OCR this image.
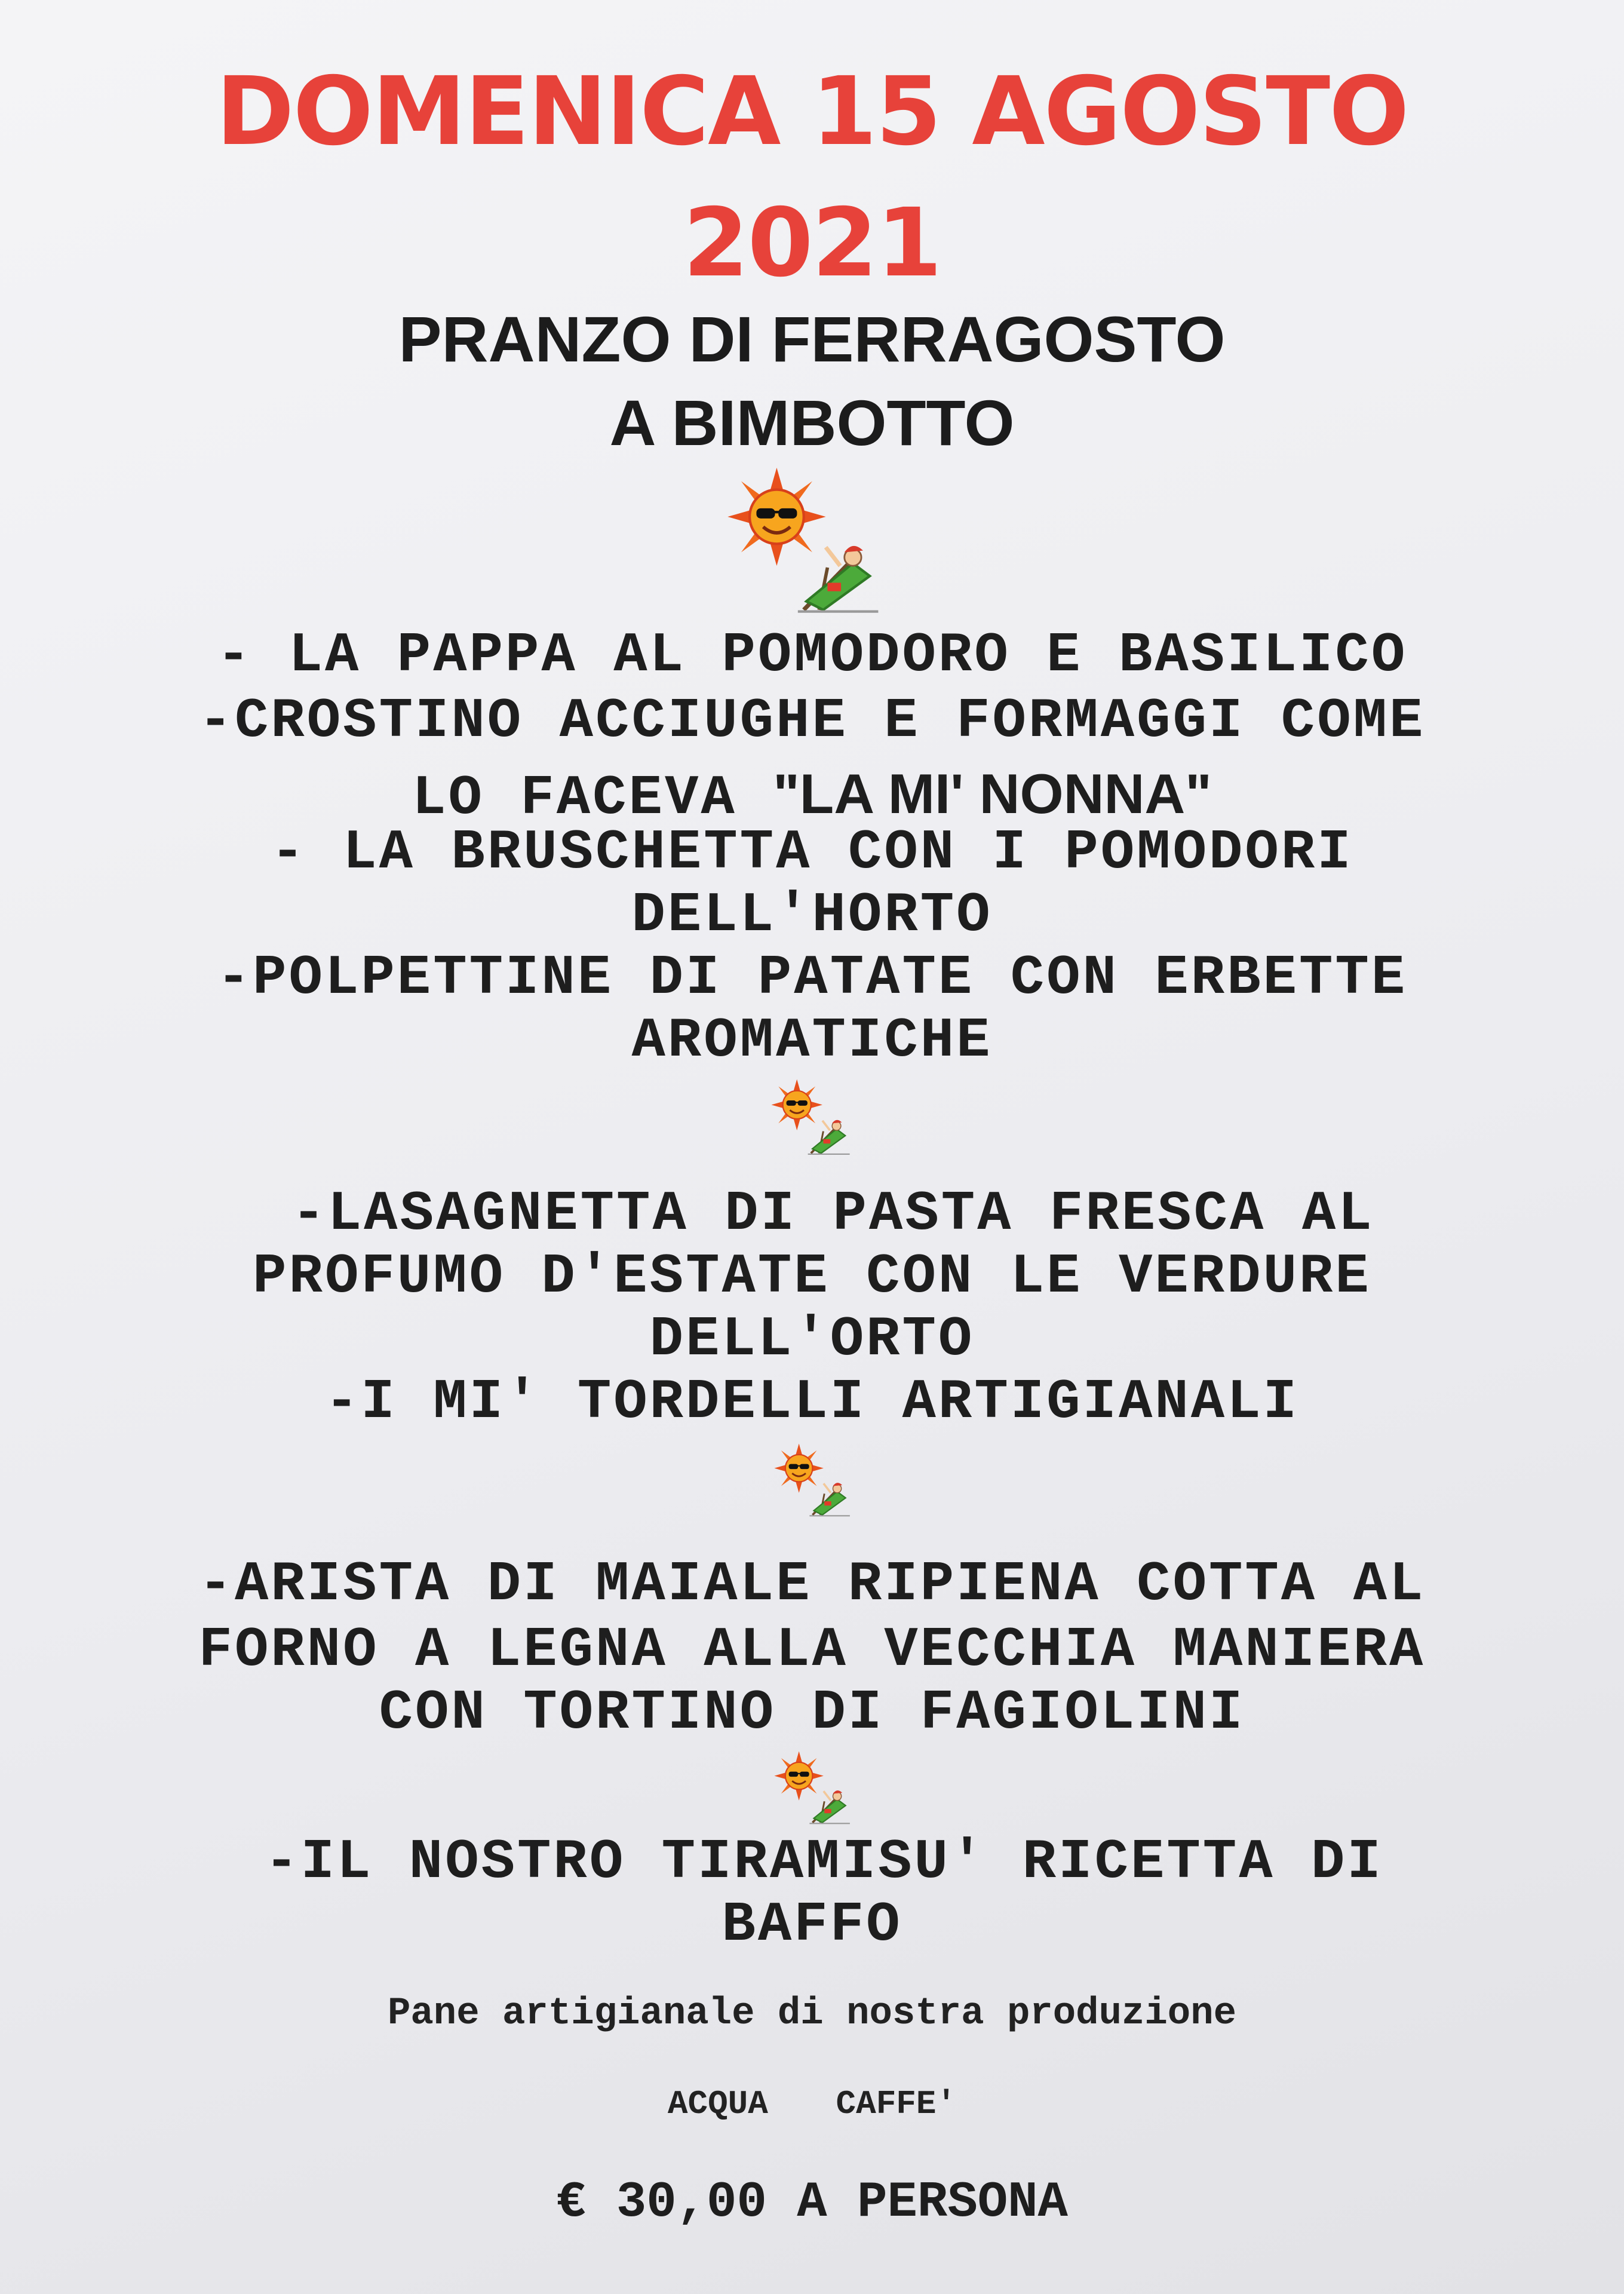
DOMENICA 15 AGOSTO

2021

PRANZO DI FERRAGOSTO

A BIMBOTTO

- LA PAPPA AL POMODORO E BASILICO

-CROSTINO ACCIUGHE E FORMAGGI COME

LO FACEVA "LA MI' NONNA"

- LA BRUSCHETTA CON I POMODORI

DELL'HORTO

-POLPETTINE DI PATATE CON ERBETTE

AROMATICHE

-LASAGNETTA DI PASTA FRESCA AL

PROFUMO D'ESTATE CON LE VERDURE

DELL'ORTO

-I MI' TORDELLI ARTIGIANALI

-ARISTA DI MAIALE RIPIENA COTTA AL

FORNO A LEGNA ALLA VECCHIA MANIERA

CON TORTINO DI FAGIOLINI

-IL NOSTRO TIRAMISU' RICETTA DI

BAFFO

Pane artigianale di nostra produzione

ACQUA CAFFE'

€ 30,00 A PERSONA
